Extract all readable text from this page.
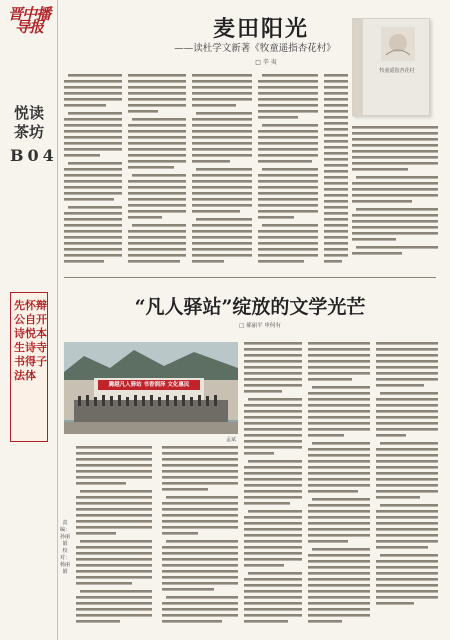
晋中播导报
悦读茶坊
B04
先公诗生书法
怀自悦诗得体
辩开本寺子
责编：孙丽娟 校对：杨丽娟
麦田阳光
——读杜学文新著《牧童遥指杏花村》
□ 辛 夷
牧童遥指杏花村
“凡人驿站”绽放的文学光芒
□ 郝丽平 申何有
腾越凡人驿站 书香润泽 文化惠民
孟斌
